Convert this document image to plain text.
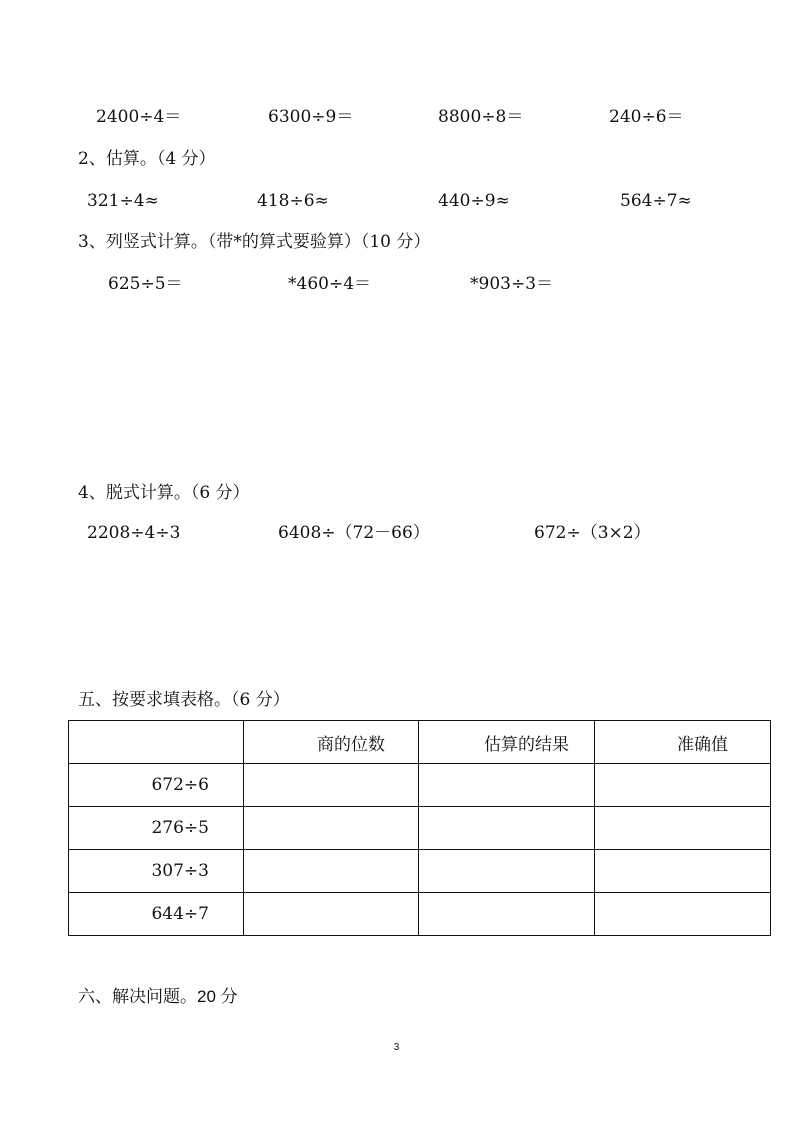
2400÷4＝	6300÷9＝	8800÷8＝	240÷6＝
2、估算。（4 分）
321÷4≈	418÷6≈	440÷9≈	564÷7≈
3、列竖式计算。（带*的算式要验算）（10 分）
625÷5＝	*460÷4＝	*903÷3＝
4、脱式计算。（6 分）
2208÷4÷3	6408÷（72－66）	672÷（3×2）
五、按要求填表格。（6 分）

	商的位数	估算的结果	准确值

672÷6			

276÷5			

307÷3			

644÷7			

六、解决问题。20 分
3
